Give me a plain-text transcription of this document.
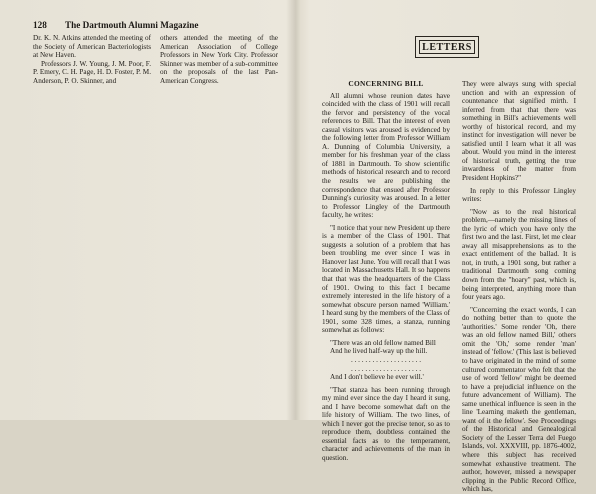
128 The Dartmouth Alumni Magazine

Dr. K. N. Atkins attended the meeting of the Society of American Bacteriologists at New Haven.

Professors J. W. Young, J. M. Poor, F. P. Emery, C. H. Page, H. D. Foster, P. M. Anderson, P. O. Skinner, and

others attended the meeting of the American Association of College Professors in New York City. Professor Skinner was member of a sub-committee on the proposals of the last Pan-American Congress.

LETTERS
CONCERNING BILL

All alumni whose reunion dates have coincided with the class of 1901 will recall the fervor and persistency of the vocal references to Bill. That the interest of even casual visitors was aroused is evidenced by the following letter from Professor William A. Dunning of Columbia University, a member for his freshman year of the class of 1881 in Dartmouth. To show scientific methods of historical research and to record the results we are publishing the correspondence that ensued after Professor Dunning's curiosity was aroused. In a letter to Professor Lingley of the Dartmouth faculty, he writes:

"I notice that your new President up there is a member of the Class of 1901. That suggests a solution of a problem that has been troubling me ever since I was in Hanover last June. You will recall that I was located in Massachusetts Hall. It so happens that that was the headquarters of the Class of 1901. Owing to this fact I became extremely interested in the life history of a somewhat obscure person named 'William.' I heard sung by the members of the Class of 1901, some 328 times, a stanza, running somewhat as follows:

"There was an old fellow named Bill

And he lived half-way up the hill.

. . . . . . . . . . . . . . . . . . . .

. . . . . . . . . . . . . . . . . . . .

And I don't believe he ever will.'

"That stanza has been running through my mind ever since the day I heard it sung, and I have become somewhat daft on the life history of William. The two lines, of which I never got the precise tenor, so as to reproduce them, doubtless contained the essential facts as to the temperament, character and achievements of the man in question.

They were always sung with special unction and with an expression of countenance that signified mirth. I inferred from that that there was something in Bill's achievements well worthy of historical record, and my instinct for investigation will never be satisfied until I learn what it all was about. Would you mind in the interest of historical truth, getting the true inwardness of the matter from President Hopkins?"

In reply to this Professor Lingley writes:

"Now as to the real historical problem,—namely the missing lines of the lyric of which you have only the first two and the last. First, let me clear away all misapprehensions as to the exact entitlement of the ballad. It is not, in truth, a 1901 song, but rather a traditional Dartmouth song coming down from the "hoary" past, which is, being interpreted, anything more than four years ago.

"Concerning the exact words, I can do nothing better than to quote the 'authorities.' Some render 'Oh, there was an old fellow named Bill,' others omit the 'Oh,' some render 'man' instead of 'fellow.' (This last is believed to have originated in the mind of some cultured commentator who felt that the use of word 'fellow' might be deemed to have a prejudicial influence on the future advancement of William). The same unethical influence is seen in the line 'Learning maketh the gentleman, want of it the fellow'. See Proceedings of the Historical and Genealogical Society of the Lesser Terra del Fuego Islands, vol. XXXVIII, pp. 1876-4002, where this subject has received somewhat exhaustive treatment. The author, however, missed a newspaper clipping in the Public Record Office, which has,
